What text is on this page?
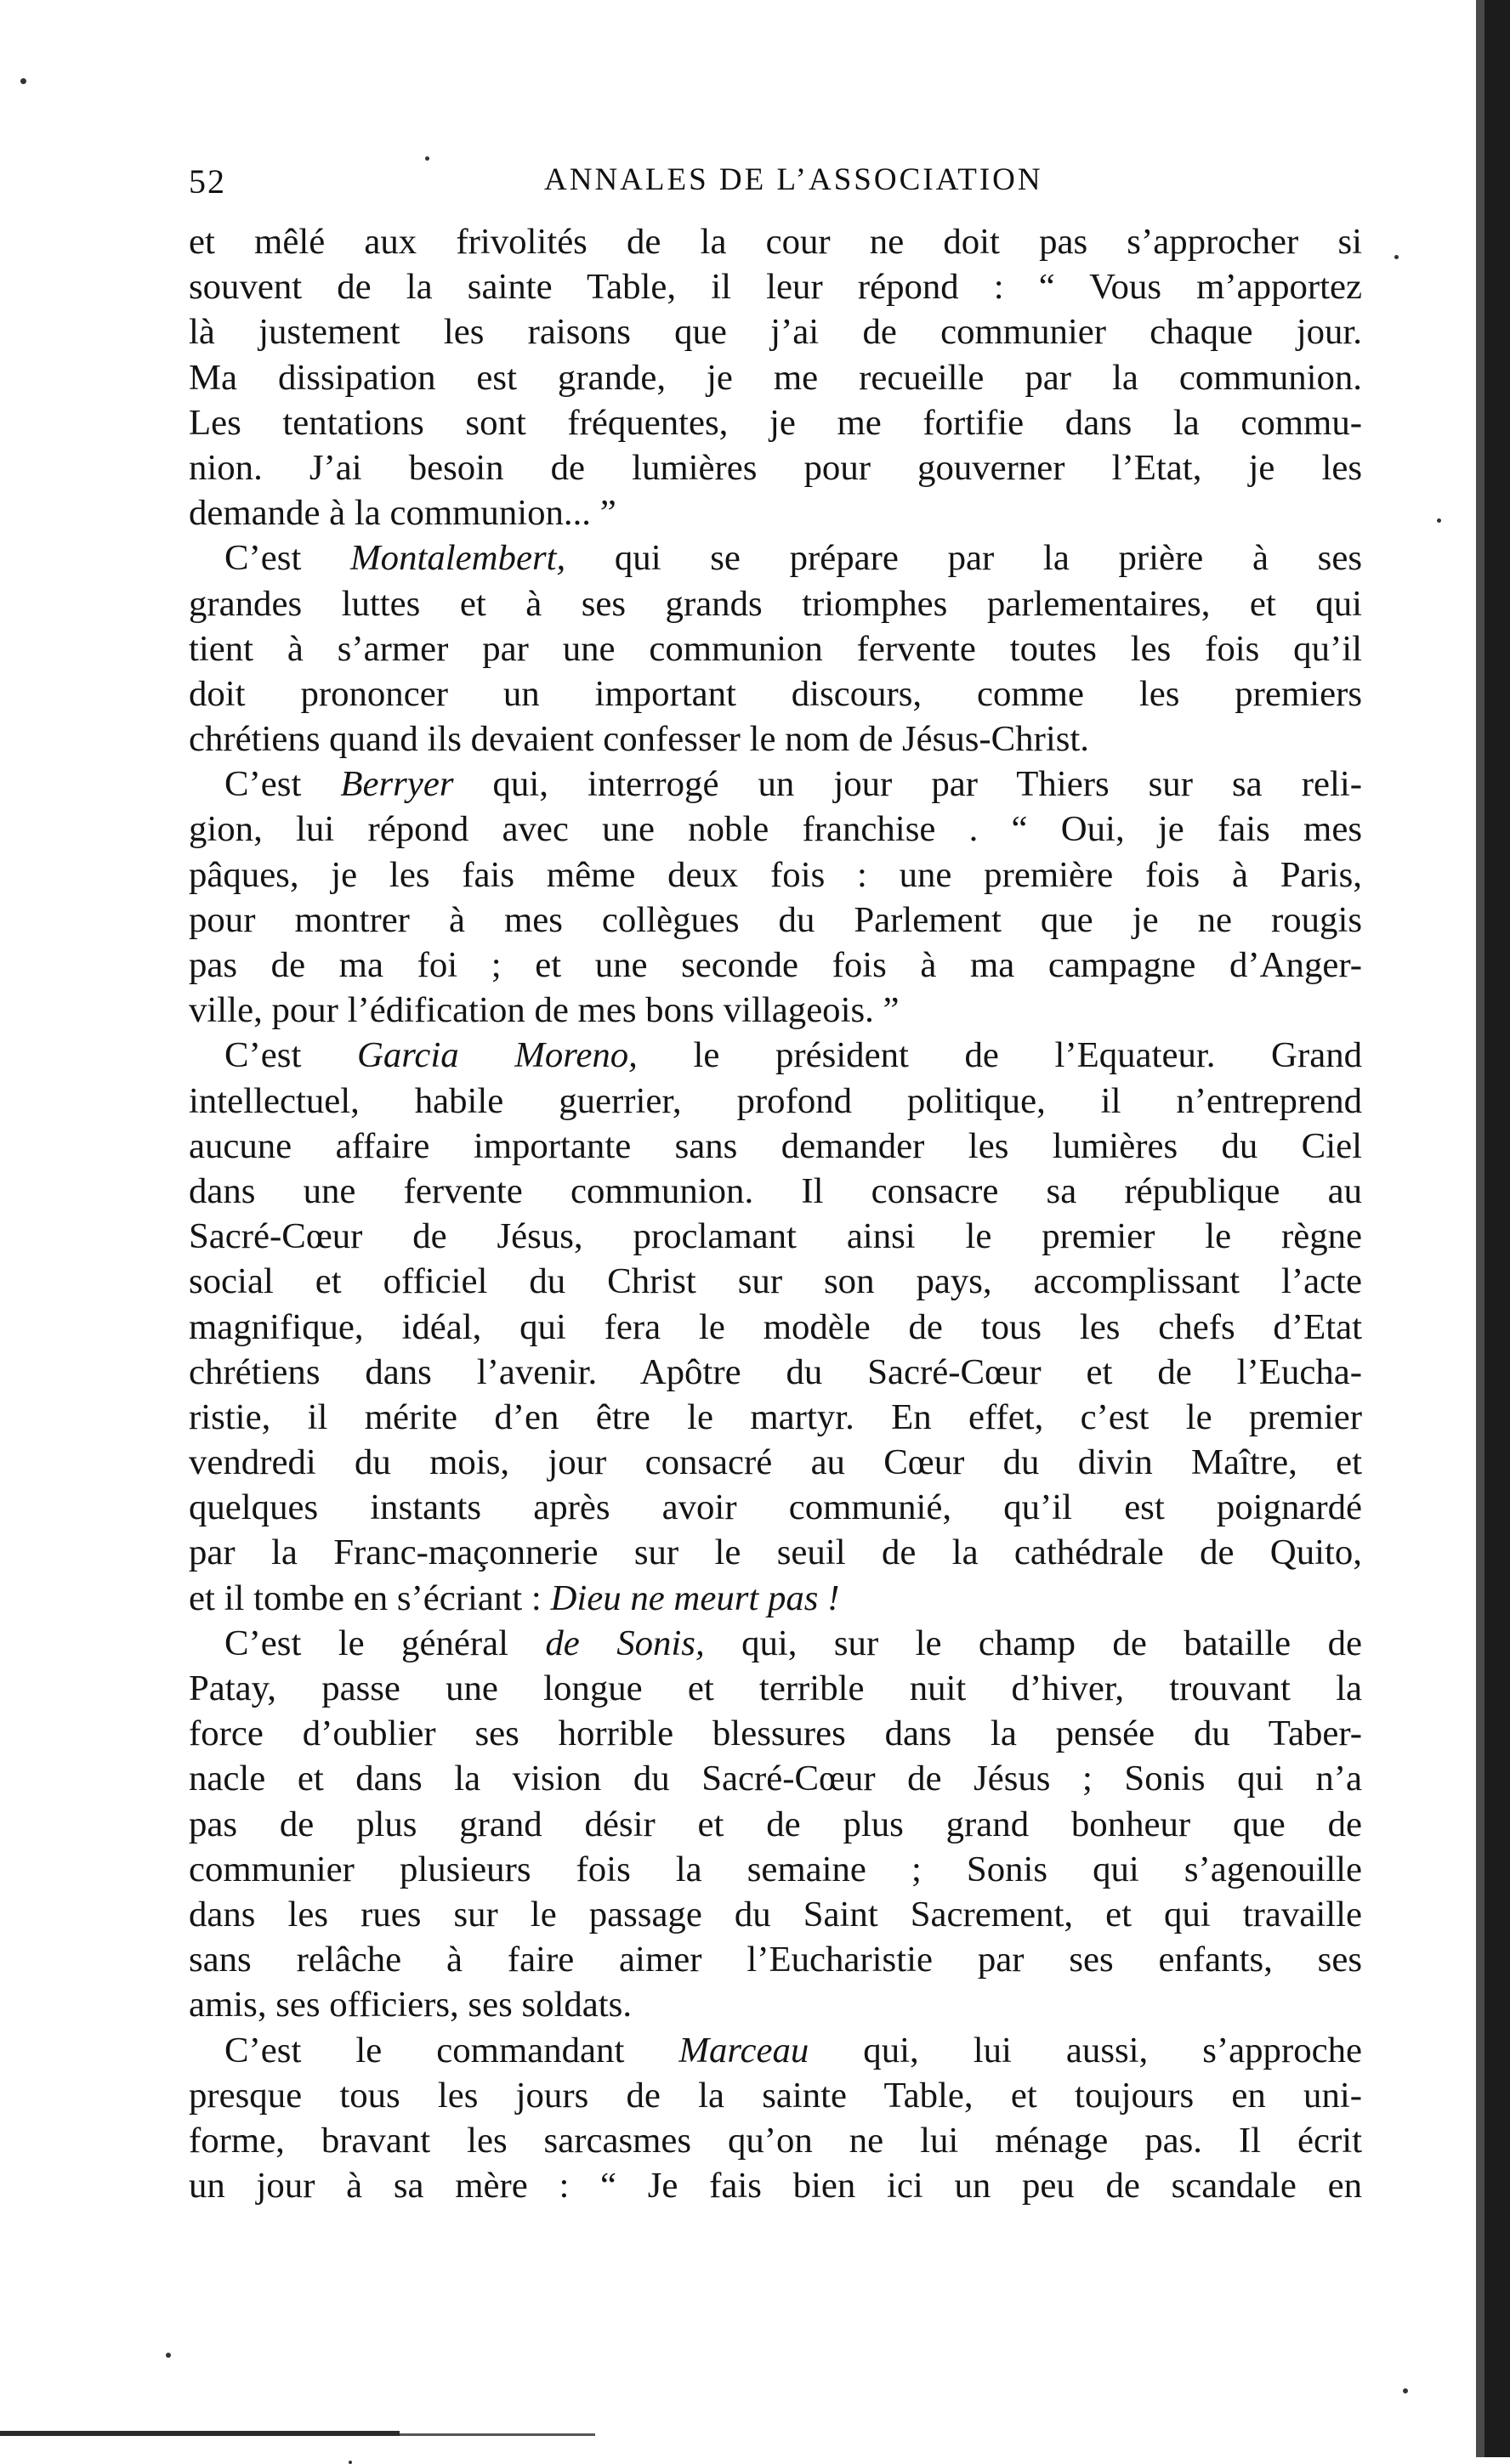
52	ANNALES DE L’ASSOCIATION
et mêlé aux frivolités de la cour ne doit pas s’approcher si
souvent de la sainte Table, il leur répond : “ Vous m’apportez
là justement les raisons que j’ai de communier chaque jour.
Ma dissipation est grande, je me recueille par la communion.
Les tentations sont fréquentes, je me fortifie dans la commu-
nion. J’ai besoin de lumières pour gouverner l’Etat, je les
demande à la communion... ”
C’est Montalembert, qui se prépare par la prière à ses
grandes luttes et à ses grands triomphes parlementaires, et qui
tient à s’armer par une communion fervente toutes les fois qu’il
doit prononcer un important discours, comme les premiers
chrétiens quand ils devaient confesser le nom de Jésus-Christ.
C’est Berryer qui, interrogé un jour par Thiers sur sa reli-
gion, lui répond avec une noble franchise . “ Oui, je fais mes
pâques, je les fais même deux fois : une première fois à Paris,
pour montrer à mes collègues du Parlement que je ne rougis
pas de ma foi ; et une seconde fois à ma campagne d’Anger-
ville, pour l’édification de mes bons villageois. ”
C’est Garcia Moreno, le président de l’Equateur. Grand
intellectuel, habile guerrier, profond politique, il n’entreprend
aucune affaire importante sans demander les lumières du Ciel
dans une fervente communion. Il consacre sa république au
Sacré-Cœur de Jésus, proclamant ainsi le premier le règne
social et officiel du Christ sur son pays, accomplissant l’acte
magnifique, idéal, qui fera le modèle de tous les chefs d’Etat
chrétiens dans l’avenir. Apôtre du Sacré-Cœur et de l’Eucha-
ristie, il mérite d’en être le martyr. En effet, c’est le premier
vendredi du mois, jour consacré au Cœur du divin Maître, et
quelques instants après avoir communié, qu’il est poignardé
par la Franc-maçonnerie sur le seuil de la cathédrale de Quito,
et il tombe en s’écriant : Dieu ne meurt pas !
C’est le général de Sonis, qui, sur le champ de bataille de
Patay, passe une longue et terrible nuit d’hiver, trouvant la
force d’oublier ses horrible blessures dans la pensée du Taber-
nacle et dans la vision du Sacré-Cœur de Jésus ; Sonis qui n’a
pas de plus grand désir et de plus grand bonheur que de
communier plusieurs fois la semaine ; Sonis qui s’agenouille
dans les rues sur le passage du Saint Sacrement, et qui travaille
sans relâche à faire aimer l’Eucharistie par ses enfants, ses
amis, ses officiers, ses soldats.
C’est le commandant Marceau qui, lui aussi, s’approche
presque tous les jours de la sainte Table, et toujours en uni-
forme, bravant les sarcasmes qu’on ne lui ménage pas. Il écrit
un jour à sa mère : “ Je fais bien ici un peu de scandale en
